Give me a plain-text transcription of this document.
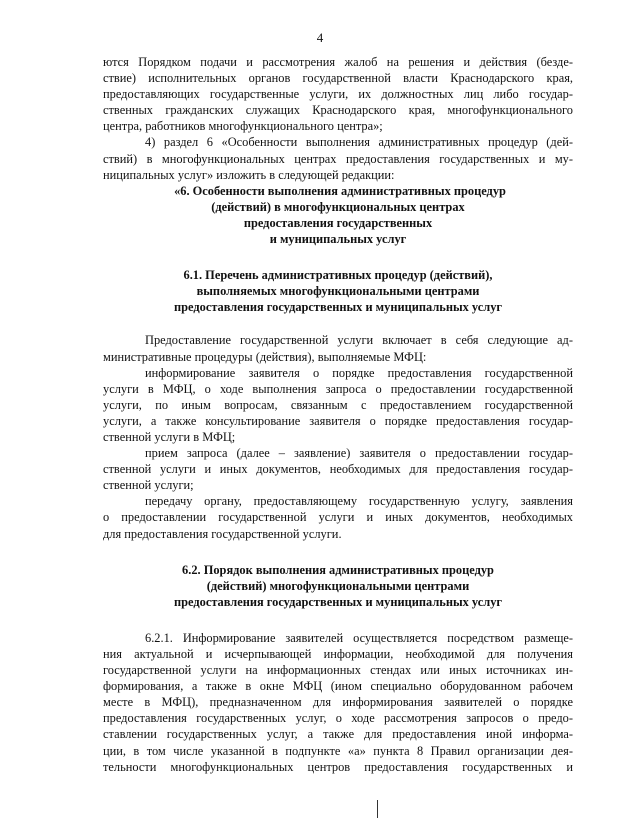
4
ются Порядком подачи и рассмотрения жалоб на решения и действия (безде-
ствие) исполнительных органов государственной власти Краснодарского края,
предоставляющих государственные услуги, их должностных лиц либо государ-
ственных гражданских служащих Краснодарского края, многофункционального
центра, работников многофункционального центра»;
4) раздел 6 «Особенности выполнения административных процедур (дей-
ствий) в многофункциональных центрах предоставления государственных и му-
ниципальных услуг» изложить в следующей редакции:
«6. Особенности выполнения административных процедур
(действий) в многофункциональных центрах
предоставления государственных
и муниципальных услуг
6.1. Перечень административных процедур (действий),
выполняемых многофункциональными центрами
предоставления государственных и муниципальных услуг
Предоставление государственной услуги включает в себя следующие ад-
министративные процедуры (действия), выполняемые МФЦ:
информирование заявителя о порядке предоставления государственной
услуги в МФЦ, о ходе выполнения запроса о предоставлении государственной
услуги, по иным вопросам, связанным с предоставлением государственной
услуги, а также консультирование заявителя о порядке предоставления государ-
ственной услуги в МФЦ;
прием запроса (далее – заявление) заявителя о предоставлении государ-
ственной услуги и иных документов, необходимых для предоставления государ-
ственной услуги;
передачу органу, предоставляющему государственную услугу, заявления
о предоставлении государственной услуги и иных документов, необходимых
для предоставления государственной услуги.
6.2. Порядок выполнения административных процедур
(действий) многофункциональными центрами
предоставления государственных и муниципальных услуг
6.2.1. Информирование заявителей осуществляется посредством размеще-
ния актуальной и исчерпывающей информации, необходимой для получения
государственной услуги на информационных стендах или иных источниках ин-
формирования, а также в окне МФЦ (ином специально оборудованном рабочем
месте в МФЦ), предназначенном для информирования заявителей о порядке
предоставления государственных услуг, о ходе рассмотрения запросов о предо-
ставлении государственных услуг, а также для предоставления иной информа-
ции, в том числе указанной в подпункте «а» пункта 8 Правил организации дея-
тельности многофункциональных центров предоставления государственных и
